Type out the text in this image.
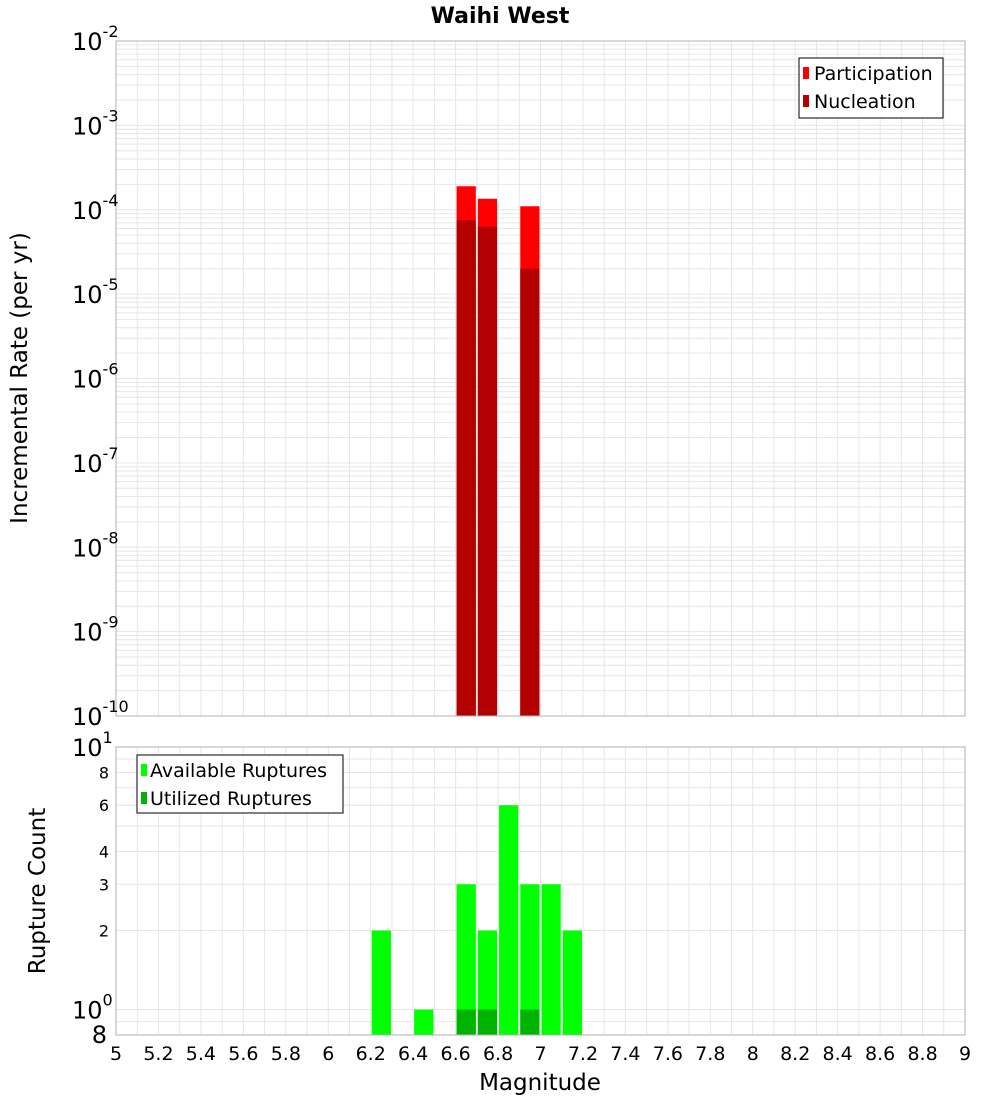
Waihi West
10-2
10-3
10-4
10-5
10-6
10-7
10-8
10-9
10-10
Incremental Rate (per yr)
Participation
Nucleation
101
100
8
6
4
3
2
8
5 5.2 5.4 5.6 5.8 6 6.2 6.4 6.6 6.8 7 7.2 7.4 7.6 7.8 8 8.2 8.4 8.6 8.8 9
Rupture Count
Magnitude
Available Ruptures
Utilized Ruptures
